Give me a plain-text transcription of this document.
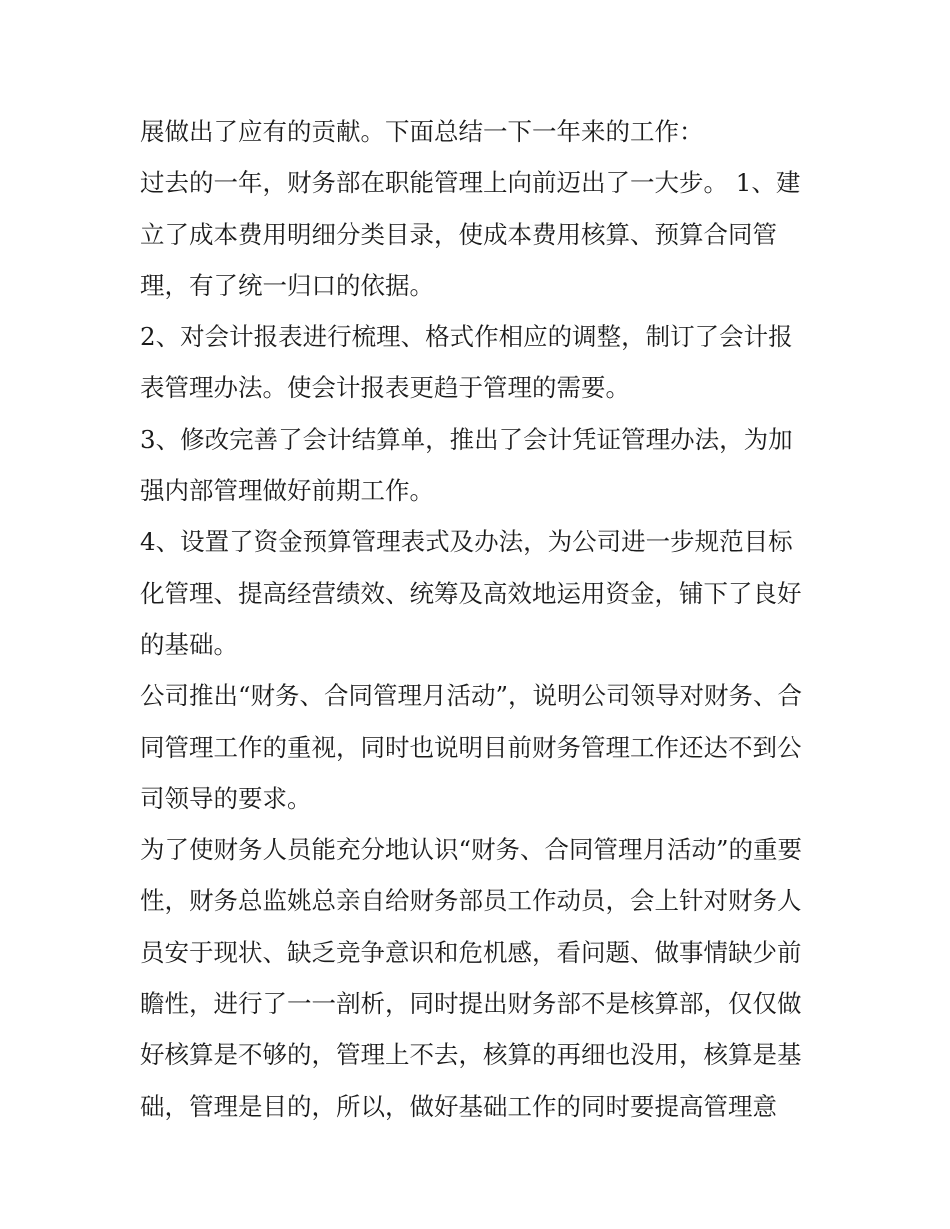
展做出了应有的贡献。下面总结一下一年来的工作：
过去的一年，财务部在职能管理上向前迈出了一大步。 1、建
立了成本费用明细分类目录，使成本费用核算、预算合同管
理，有了统一归口的依据。
2、对会计报表进行梳理、格式作相应的调整，制订了会计报
表管理办法。使会计报表更趋于管理的需要。
3、修改完善了会计结算单，推出了会计凭证管理办法，为加
强内部管理做好前期工作。
4、设置了资金预算管理表式及办法，为公司进一步规范目标
化管理、提高经营绩效、统筹及高效地运用资金，铺下了良好
的基础。
公司推出“财务、合同管理月活动”，说明公司领导对财务、合
同管理工作的重视，同时也说明目前财务管理工作还达不到公
司领导的要求。
为了使财务人员能充分地认识“财务、合同管理月活动”的重要
性，财务总监姚总亲自给财务部员工作动员，会上针对财务人
员安于现状、缺乏竞争意识和危机感，看问题、做事情缺少前
瞻性，进行了一一剖析，同时提出财务部不是核算部，仅仅做
好核算是不够的，管理上不去，核算的再细也没用，核算是基
础，管理是目的，所以，做好基础工作的同时要提高管理意
